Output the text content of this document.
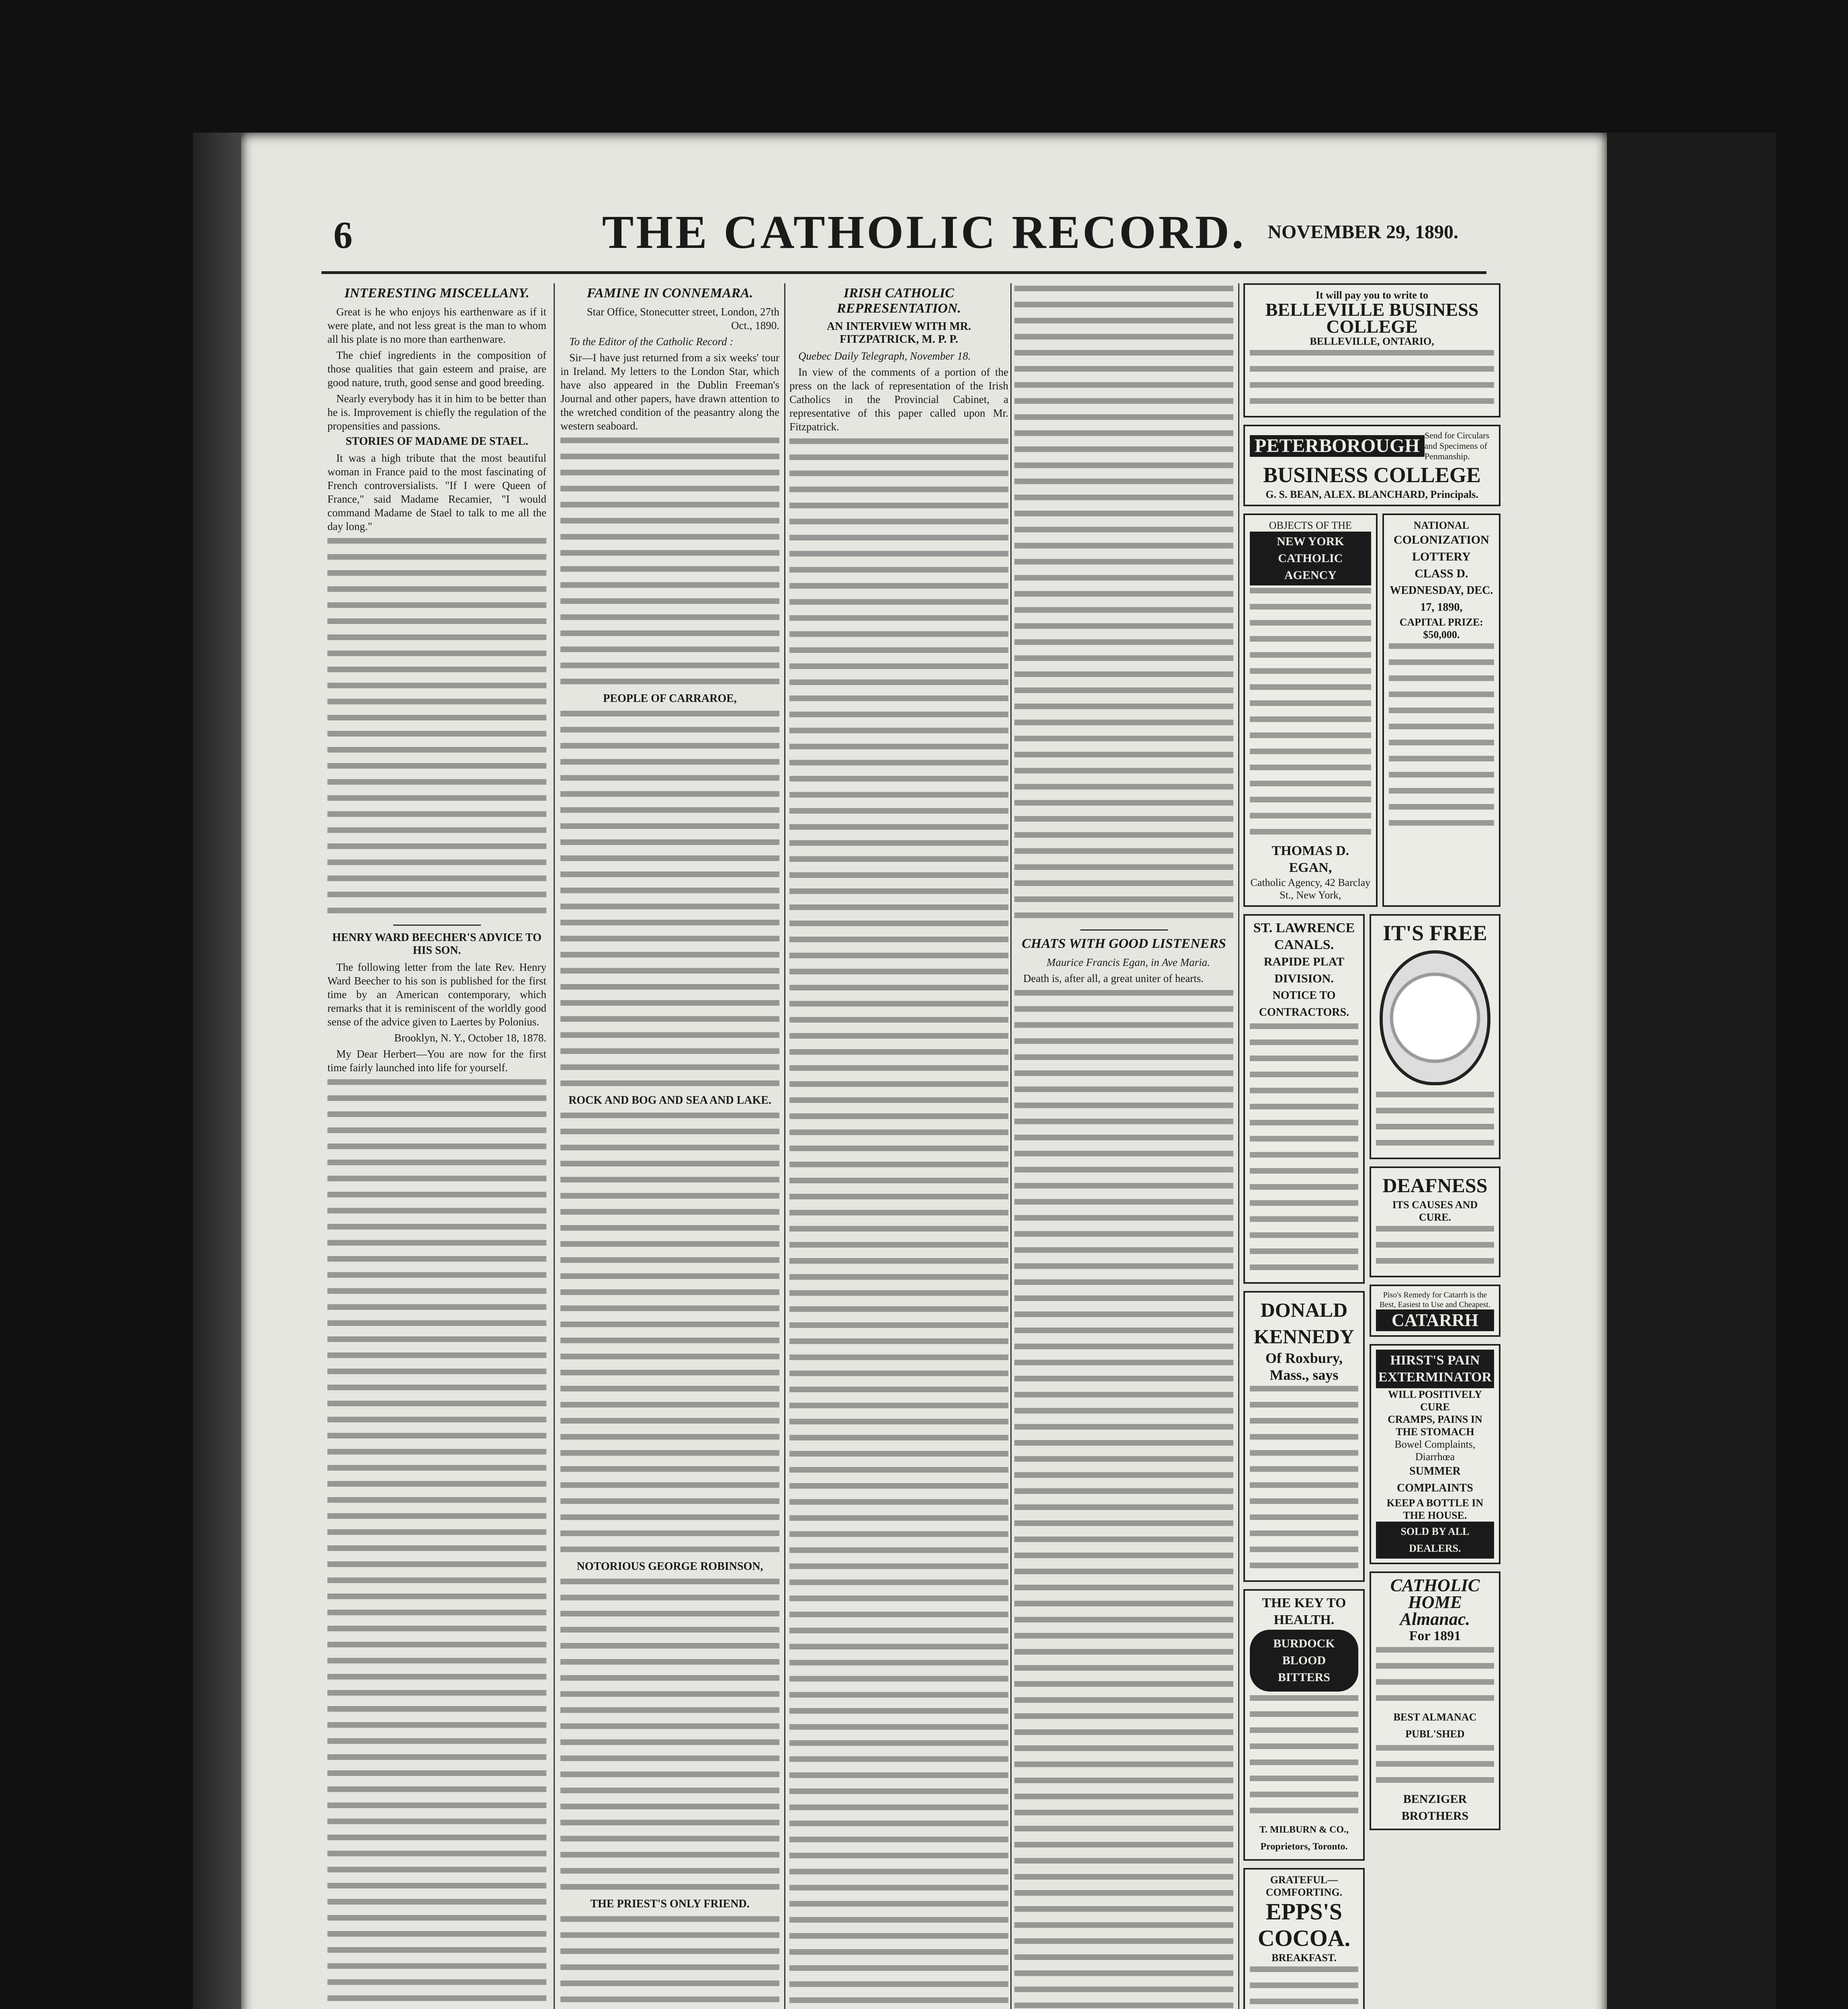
6	THE CATHOLIC RECORD.	NOVEMBER 29, 1890.
INTERESTING MISCELLANY.
Great is he who enjoys his earthenware as if it were plate, and not less great is the man to whom all his plate is no more than earthenware.
The chief ingredients in the composition of those qualities that gain esteem and praise, are good nature, truth, good sense and good breeding.
Nearly everybody has it in him to be better than he is. Improvement is chiefly the regulation of the propensities and passions.
STORIES OF MADAME DE STAEL.
It was a high tribute that the most beautiful woman in France paid to the most fascinating of French controversialists. "If I were Queen of France," said Madame Recamier, "I would command Madame de Stael to talk to me all the day long."
HENRY WARD BEECHER'S ADVICE TO HIS SON.
The following letter from the late Rev. Henry Ward Beecher to his son is published for the first time by an American contemporary, which remarks that it is reminiscent of the worldly good sense of the advice given to Laertes by Polonius.
Brooklyn, N. Y., October 18, 1878.
My Dear Herbert—You are now for the first time fairly launched into life for yourself.
FAMINE IN CONNEMARA.
Star Office, Stonecutter street, London, 27th Oct., 1890.
To the Editor of the Catholic Record :
Sir—I have just returned from a six weeks' tour in Ireland. My letters to the London Star, which have also appeared in the Dublin Freeman's Journal and other papers, have drawn attention to the wretched condition of the peasantry along the western seaboard.
PEOPLE OF CARRAROE,
ROCK AND BOG AND SEA AND LAKE.
NOTORIOUS GEORGE ROBINSON,
THE PRIEST'S ONLY FRIEND.
IRISH CATHOLIC REPRESENTATION.
AN INTERVIEW WITH MR. FITZPATRICK, M. P. P.
Quebec Daily Telegraph, November 18.
In view of the comments of a portion of the press on the lack of representation of the Irish Catholics in the Provincial Cabinet, a representative of this paper called upon Mr. Fitzpatrick.
CHATS WITH GOOD LISTENERS
Maurice Francis Egan, in Ave Maria.
Death is, after all, a great uniter of hearts.
It will pay you to write to
BELLEVILLE BUSINESS COLLEGE
BELLEVILLE, ONTARIO,
PETERBOROUGH Send for Circulars and Specimens of Penmanship.
BUSINESS COLLEGE
G. S. BEAN, ALEX. BLANCHARD, Principals.
OBJECTS OF THE
NEW YORK CATHOLIC AGENCY
THOMAS D. EGAN,
Catholic Agency, 42 Barclay St., New York,
NATIONAL
COLONIZATION LOTTERY
CLASS D.
WEDNESDAY, DEC. 17, 1890,
CAPITAL PRIZE: $50,000.
ST. LAWRENCE CANALS.
RAPIDE PLAT DIVISION.
NOTICE TO CONTRACTORS.
DONALD KENNEDY
Of Roxbury, Mass., says
THE KEY TO HEALTH.
BURDOCK BLOOD BITTERS
T. MILBURN & CO., Proprietors, Toronto.
GRATEFUL—COMFORTING.
EPPS'S COCOA.
BREAKFAST.
IT'S FREE
DEAFNESS
ITS CAUSES AND CURE.
Piso's Remedy for Catarrh is the Best, Easiest to Use and Cheapest.
CATARRH
HIRST'S PAIN EXTERMINATOR
WILL POSITIVELY CURE
CRAMPS, PAINS IN THE STOMACH
Bowel Complaints, Diarrhœa
SUMMER COMPLAINTS
KEEP A BOTTLE IN THE HOUSE.
SOLD BY ALL DEALERS.
CATHOLIC HOME Almanac.
For 1891
BEST ALMANAC PUBL'SHED
BENZIGER BROTHERS
